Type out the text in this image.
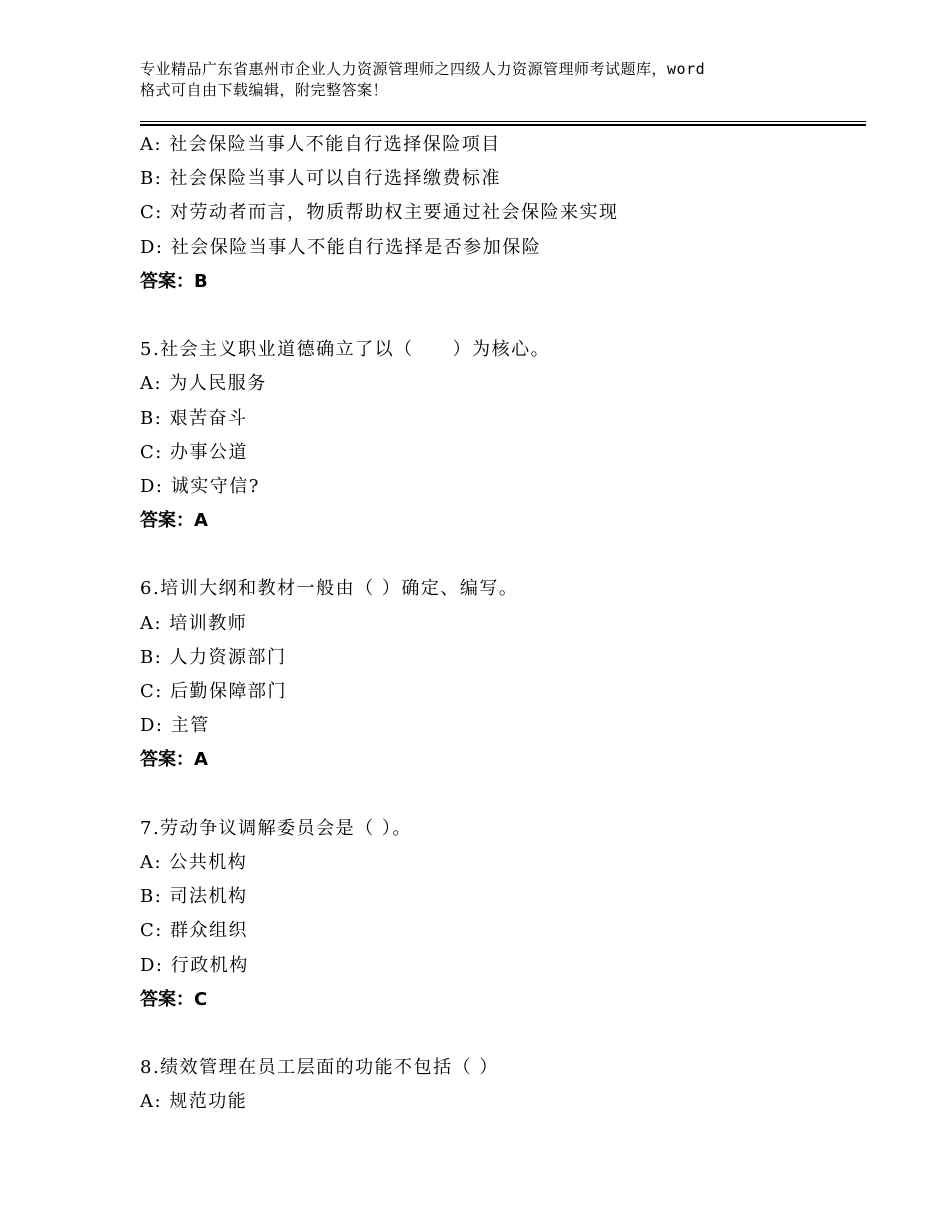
专业精品广东省惠州市企业人力资源管理师之四级人力资源管理师考试题库，word
格式可自由下载编辑，附完整答案！
A: 社会保险当事人不能自行选择保险项目
B: 社会保险当事人可以自行选择缴费标准
C: 对劳动者而言，物质帮助权主要通过社会保险来实现
D: 社会保险当事人不能自行选择是否参加保险
答案：B
5.社会主义职业道德确立了以（　　）为核心。
A: 为人民服务
B: 艰苦奋斗
C: 办事公道
D: 诚实守信?
答案：A
6.培训大纲和教材一般由（ ）确定、编写。
A: 培训教师
B: 人力资源部门
C: 后勤保障部门
D: 主管
答案：A
7.劳动争议调解委员会是（ ）。
A: 公共机构
B: 司法机构
C: 群众组织
D: 行政机构
答案：C
8.绩效管理在员工层面的功能不包括（ ）
A: 规范功能
